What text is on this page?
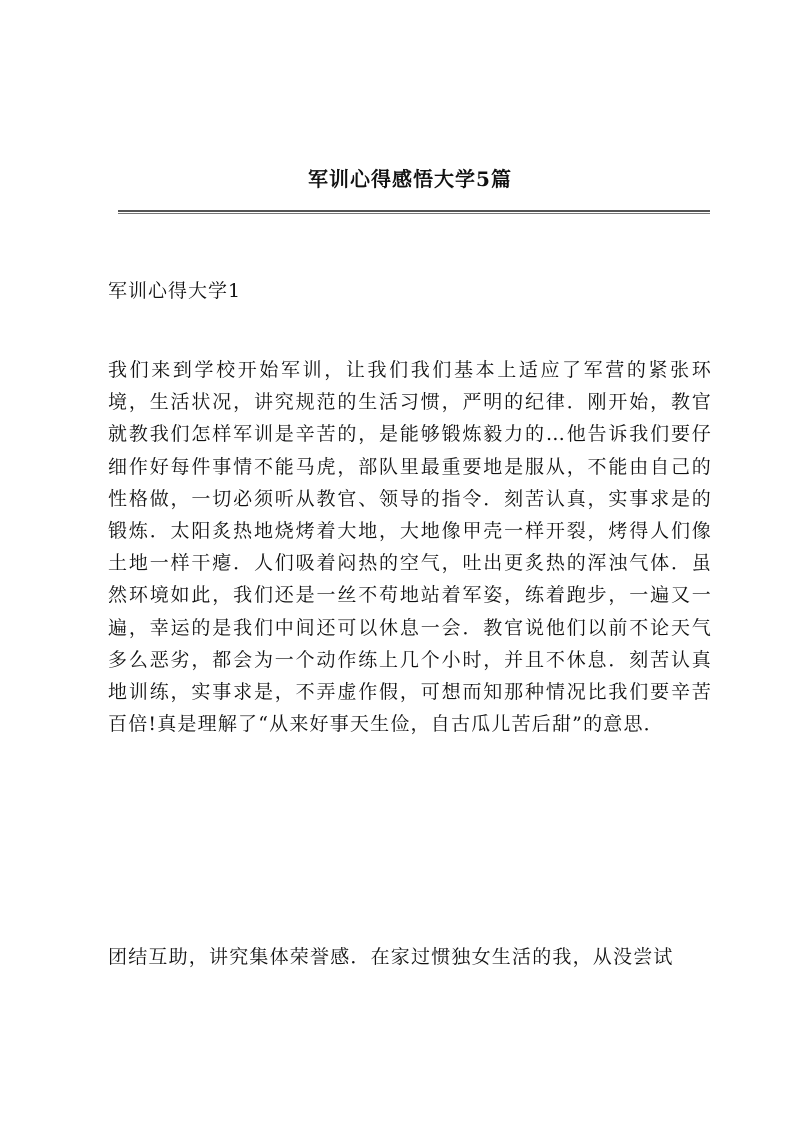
军训心得感悟大学5篇
军训心得大学1

我们来到学校开始军训，让我们我们基本上适应了军营的紧张环境，生活状况，讲究规范的生活习惯，严明的纪律．刚开始，教官就教我们怎样军训是辛苦的，是能够锻炼毅力的…他告诉我们要仔细作好每件事情不能马虎，部队里最重要地是服从，不能由自己的性格做，一切必须听从教官、领导的指令．刻苦认真，实事求是的锻炼．太阳炙热地烧烤着大地，大地像甲壳一样开裂，烤得人们像土地一样干瘪．人们吸着闷热的空气，吐出更炙热的浑浊气体．虽然环境如此，我们还是一丝不苟地站着军姿，练着跑步，一遍又一遍，幸运的是我们中间还可以休息一会．教官说他们以前不论天气多么恶劣，都会为一个动作练上几个小时，并且不休息．刻苦认真地训练，实事求是，不弄虚作假，可想而知那种情况比我们要辛苦百倍!真是理解了“从来好事天生俭，自古瓜儿苦后甜”的意思．

团结互助，讲究集体荣誉感．在家过惯独女生活的我，从没尝试
